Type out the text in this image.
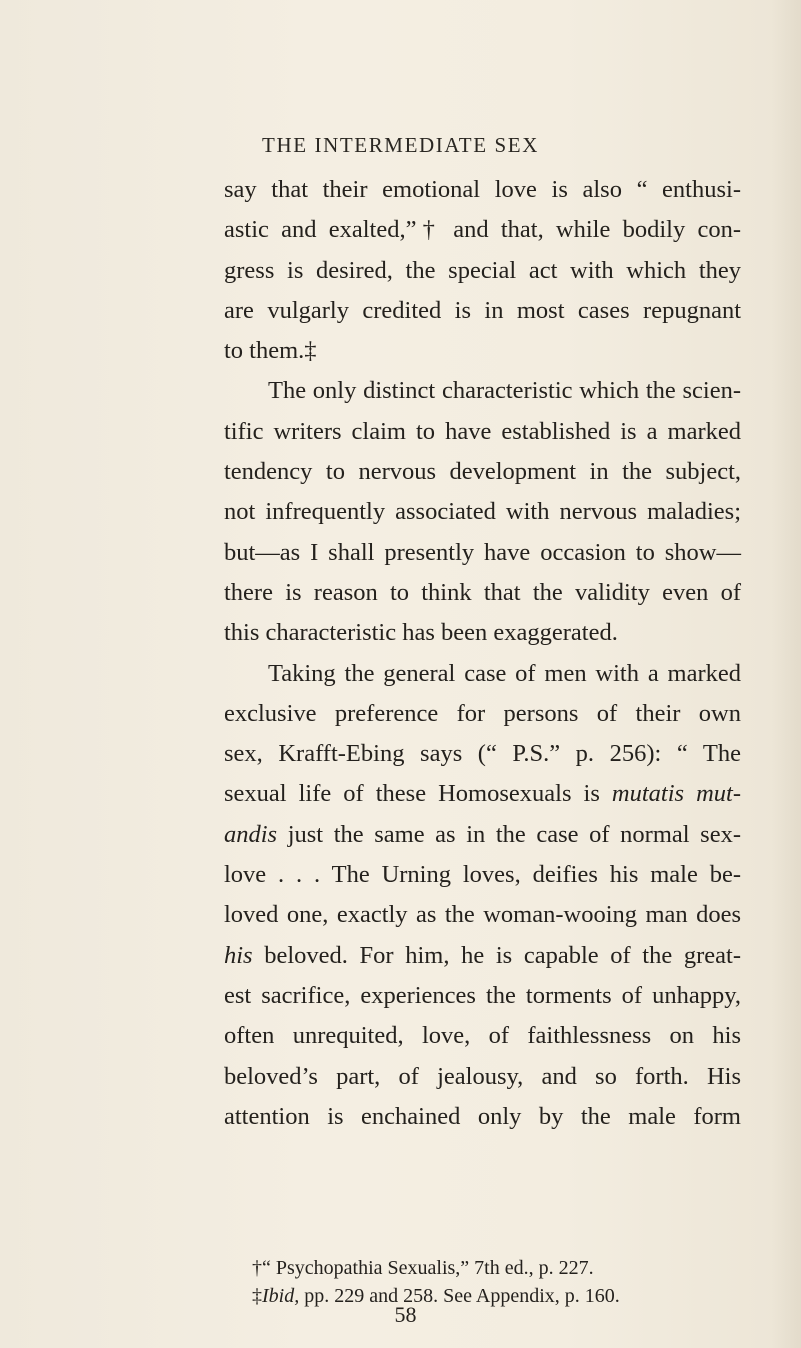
THE INTERMEDIATE SEX
say that their emotional love is also “ enthusi-
astic and exalted,”† and that, while bodily con-
gress is desired, the special act with which they
are vulgarly credited is in most cases repugnant
to them.‡
The only distinct characteristic which the scien-
tific writers claim to have established is a marked
tendency to nervous development in the subject,
not infrequently associated with nervous maladies;
but—as I shall presently have occasion to show—
there is reason to think that the validity even of
this characteristic has been exaggerated.
Taking the general case of men with a marked
exclusive preference for persons of their own
sex, Krafft-Ebing says (“ P.S.” p. 256): “ The
sexual life of these Homosexuals is mutatis mut-
andis just the same as in the case of normal sex-
love . . . The Urning loves, deifies his male be-
loved one, exactly as the woman-wooing man does
his beloved. For him, he is capable of the great-
est sacrifice, experiences the torments of unhappy,
often unrequited, love, of faithlessness on his
beloved’s part, of jealousy, and so forth. His
attention is enchained only by the male form
†“ Psychopathia Sexualis,” 7th ed., p. 227.
‡Ibid, pp. 229 and 258. See Appendix, p. 160.
58
